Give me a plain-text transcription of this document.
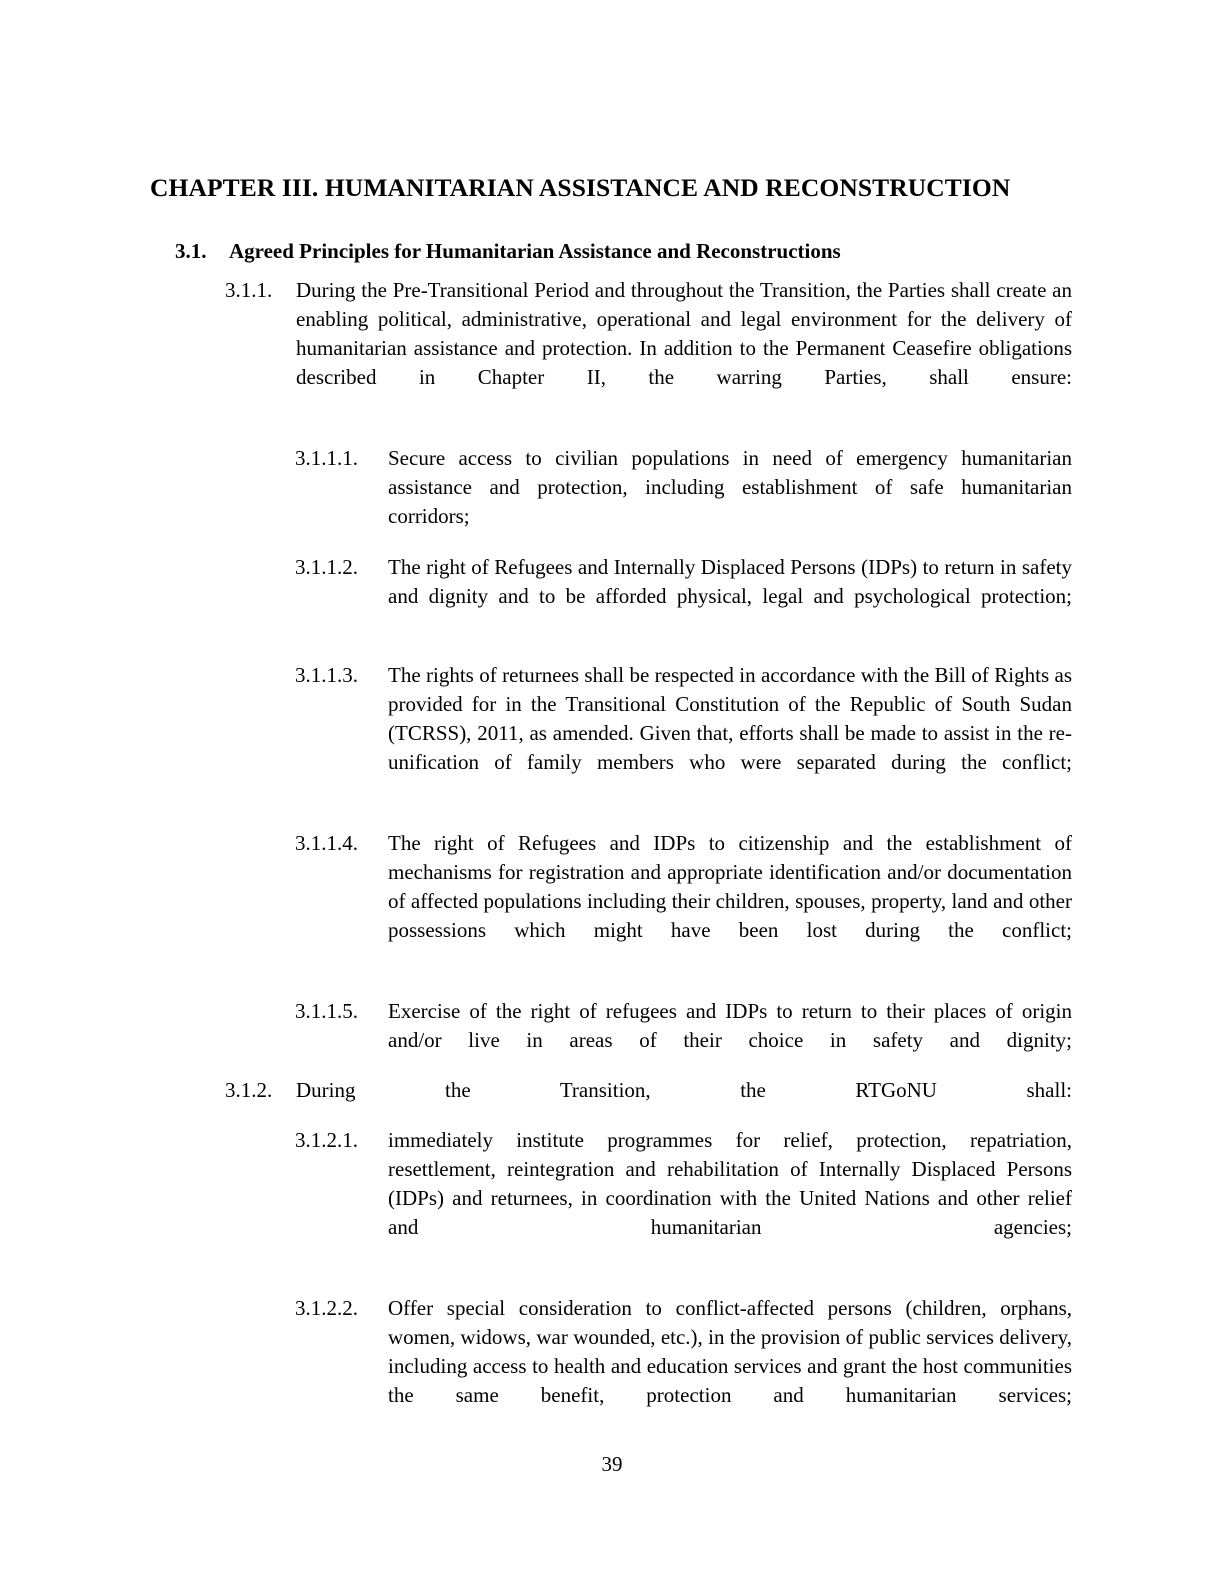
CHAPTER III. HUMANITARIAN ASSISTANCE AND RECONSTRUCTION
3.1.	Agreed Principles for Humanitarian Assistance and Reconstructions
3.1.1.	During the Pre-Transitional Period and throughout the Transition, the Parties shall create an enabling political, administrative, operational and legal environment for the delivery of humanitarian assistance and protection. In addition to the Permanent Ceasefire obligations described in Chapter II, the warring Parties, shall ensure:
3.1.1.1.	Secure access to civilian populations in need of emergency humanitarian assistance and protection, including establishment of safe humanitarian corridors;
3.1.1.2.	The right of Refugees and Internally Displaced Persons (IDPs) to return in safety and dignity and to be afforded physical, legal and psychological protection;
3.1.1.3.	The rights of returnees shall be respected in accordance with the Bill of Rights as provided for in the Transitional Constitution of the Republic of South Sudan (TCRSS), 2011, as amended. Given that, efforts shall be made to assist in the re-unification of family members who were separated during the conflict;
3.1.1.4.	The right of Refugees and IDPs to citizenship and the establishment of mechanisms for registration and appropriate identification and/or documentation of affected populations including their children, spouses, property, land and other possessions which might have been lost during the conflict;
3.1.1.5.	Exercise of the right of refugees and IDPs to return to their places of origin and/or live in areas of their choice in safety and dignity;
3.1.2.	During the Transition, the RTGoNU shall:
3.1.2.1.	immediately institute programmes for relief, protection, repatriation, resettlement, reintegration and rehabilitation of Internally Displaced Persons (IDPs) and returnees, in coordination with the United Nations and other relief and humanitarian agencies;
3.1.2.2.	Offer special consideration to conflict-affected persons (children, orphans, women, widows, war wounded, etc.), in the provision of public services delivery, including access to health and education services and grant the host communities the same benefit, protection and humanitarian services;
39
